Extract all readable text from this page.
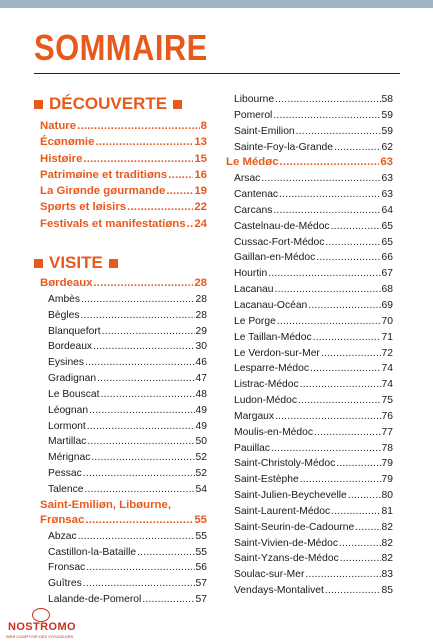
SOMMAIRE
DÉCOUVERTE
Nature .....	8
Écønømie .....	13
Histøire .....	15
Patrimøine et traditiøns ..... 16
La Girønde gøurmande .....	19
Spørts et løisirs .....	22
Festivals et manifestatiøns ..... 24
VISITE
Børdeaux .....	28
Ambès .....	28
Bègles .....	28
Blanquefort .....	29
Bordeaux .....	30
Eysines .....	46
Gradignan .....	47
Le Bouscat .....	48
Léognan .....	49
Lormont .....	49
Martillac .....	50
Mérignac .....	52
Pessac .....	52
Talence .....	54
Saint-Emiliøn, Libøurne,
Frønsac .....	55
Abzac .....	55
Castillon-la-Bataille .....	55
Fronsac .....	56
Guîtres .....	57
Lalande-de-Pomerol .....	57
Libourne .....	58
Pomerol .....	59
Saint-Emilion .....	59
Sainte-Foy-la-Grande .....	62
Le Médøc .....	63
Arsac .....	63
Cantenac .....	63
Carcans .....	64
Castelnau-de-Médoc .....	65
Cussac-Fort-Médoc .....	65
Gaillan-en-Médoc .....	66
Hourtin .....	67
Lacanau .....	68
Lacanau-Océan .....	69
Le Porge .....	70
Le Taillan-Médoc .....	71
Le Verdon-sur-Mer .....	72
Lesparre-Médoc .....	74
Listrac-Médoc .....	74
Ludon-Médoc .....	75
Margaux .....	76
Moulis-en-Médoc .....	77
Pauillac .....	78
Saint-Christoly-Médoc .....	79
Saint-Estèphe .....	79
Saint-Julien-Beychevelle .....	80
Saint-Laurent-Médoc .....	81
Saint-Seurin-de-Cadourne .....	82
Saint-Vivien-de-Médoc .....	82
Saint-Yzans-de-Médoc .....	82
Soulac-sur-Mer .....	83
Vendays-Montalivet .....	85
NOSTROMO
WEB COMPTOIR DES VOYAGEURS
